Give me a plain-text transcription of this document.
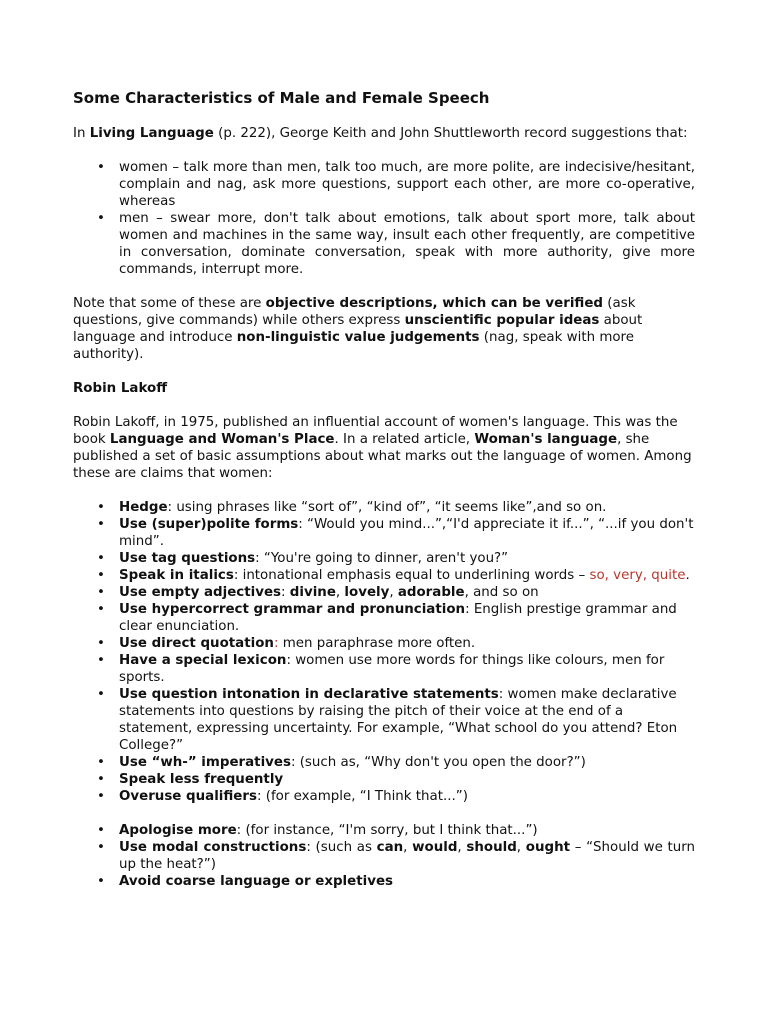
Some Characteristics of Male and Female Speech

In Living Language (p. 222), George Keith and John Shuttleworth record suggestions that:

• women – talk more than men, talk too much, are more polite, are indecisive/hesitant, complain and nag, ask more questions, support each other, are more co-operative, whereas
• men – swear more, don't talk about emotions, talk about sport more, talk about women and machines in the same way, insult each other frequently, are competitive in conversation, dominate conversation, speak with more authority, give more commands, interrupt more.

Note that some of these are objective descriptions, which can be verified (ask questions, give commands) while others express unscientific popular ideas about language and introduce non-linguistic value judgements (nag, speak with more authority).

Robin Lakoff

Robin Lakoff, in 1975, published an influential account of women's language. This was the book Language and Woman's Place. In a related article, Woman's language, she published a set of basic assumptions about what marks out the language of women. Among these are claims that women:

• Hedge: using phrases like “sort of”, “kind of”, “it seems like”,and so on.
• Use (super)polite forms: “Would you mind...”,“I'd appreciate it if...”, “...if you don't mind”.
• Use tag questions: “You're going to dinner, aren't you?”
• Speak in italics: intonational emphasis equal to underlining words – so, very, quite.
• Use empty adjectives: divine, lovely, adorable, and so on
• Use hypercorrect grammar and pronunciation: English prestige grammar and clear enunciation.
• Use direct quotation: men paraphrase more often.
• Have a special lexicon: women use more words for things like colours, men for sports.
• Use question intonation in declarative statements: women make declarative statements into questions by raising the pitch of their voice at the end of a statement, expressing uncertainty. For example, “What school do you attend? Eton College?”
• Use “wh-” imperatives: (such as, “Why don't you open the door?”)
• Speak less frequently
• Overuse qualifiers: (for example, “I Think that...”)
• Apologise more: (for instance, “I'm sorry, but I think that...”)
• Use modal constructions: (such as can, would, should, ought – “Should we turn up the heat?”)
• Avoid coarse language or expletives
